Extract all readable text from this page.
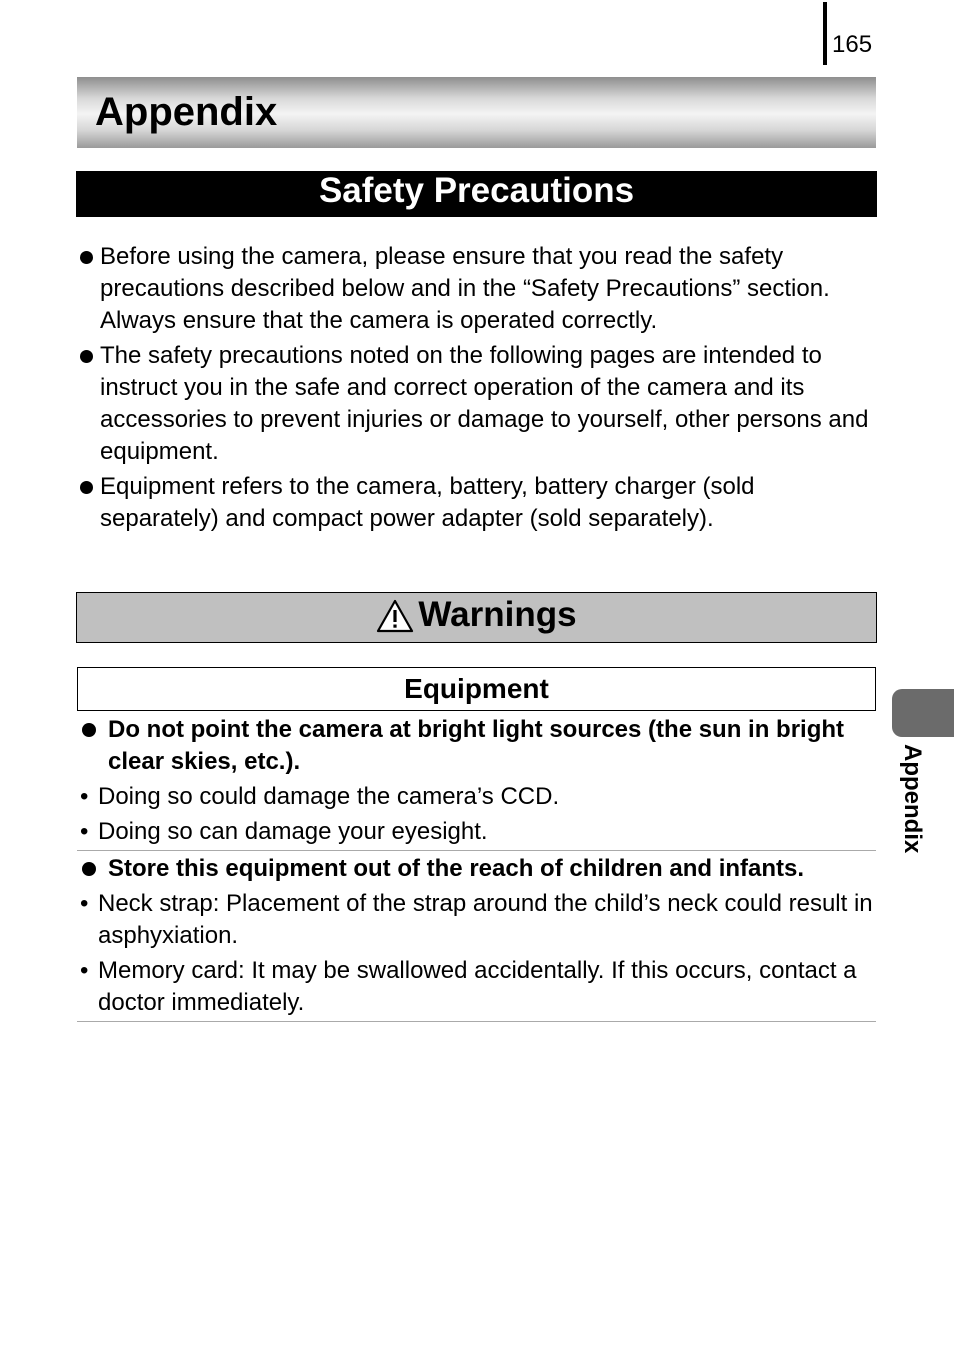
165
Appendix
Safety Precautions
Before using the camera, please ensure that you read the safety precautions described below and in the “Safety Precautions” section. Always ensure that the camera is operated correctly.
The safety precautions noted on the following pages are intended to instruct you in the safe and correct operation of the camera and its accessories to prevent injuries or damage to yourself, other persons and equipment.
Equipment refers to the camera, battery, battery charger (sold separately) and compact power adapter (sold separately).
Warnings
Equipment
Do not point the camera at bright light sources (the sun in bright clear skies, etc.).
• Doing so could damage the camera’s CCD.
• Doing so can damage your eyesight.
Store this equipment out of the reach of children and infants.
• Neck strap: Placement of the strap around the child’s neck could result in asphyxiation.
• Memory card: It may be swallowed accidentally. If this occurs, contact a doctor immediately.
Appendix
